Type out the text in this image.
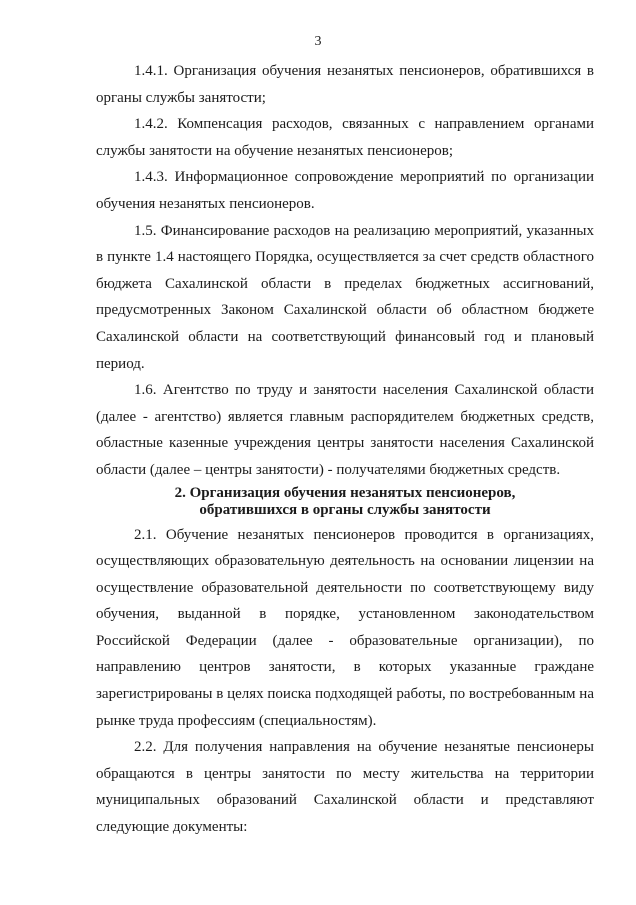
3

1.4.1. Организация обучения незанятых пенсионеров, обратившихся в органы службы занятости;

1.4.2. Компенсация расходов, связанных с направлением органами службы занятости на обучение незанятых пенсионеров;

1.4.3. Информационное сопровождение мероприятий по организации обучения незанятых пенсионеров.

1.5. Финансирование расходов на реализацию мероприятий, указанных в пункте 1.4 настоящего Порядка, осуществляется за счет средств областного бюджета Сахалинской области в пределах бюджетных ассигнований, предусмотренных Законом Сахалинской области об областном бюджете Сахалинской области на соответствующий финансовый год и плановый период.

1.6. Агентство по труду и занятости населения Сахалинской области (далее - агентство) является главным распорядителем бюджетных средств, областные казенные учреждения центры занятости населения Сахалинской области (далее – центры занятости) - получателями бюджетных средств.

2. Организация обучения незанятых пенсионеров,
обратившихся в органы службы занятости

2.1. Обучение незанятых пенсионеров проводится в организациях, осуществляющих образовательную деятельность на основании лицензии на осуществление образовательной деятельности по соответствующему виду обучения, выданной в порядке, установленном законодательством Российской Федерации (далее - образовательные организации), по направлению центров занятости, в которых указанные граждане зарегистрированы в целях поиска подходящей работы, по востребованным на рынке труда профессиям (специальностям).

2.2. Для получения направления на обучение незанятые пенсионеры обращаются в центры занятости по месту жительства на территории муниципальных образований Сахалинской области и представляют следующие документы:
